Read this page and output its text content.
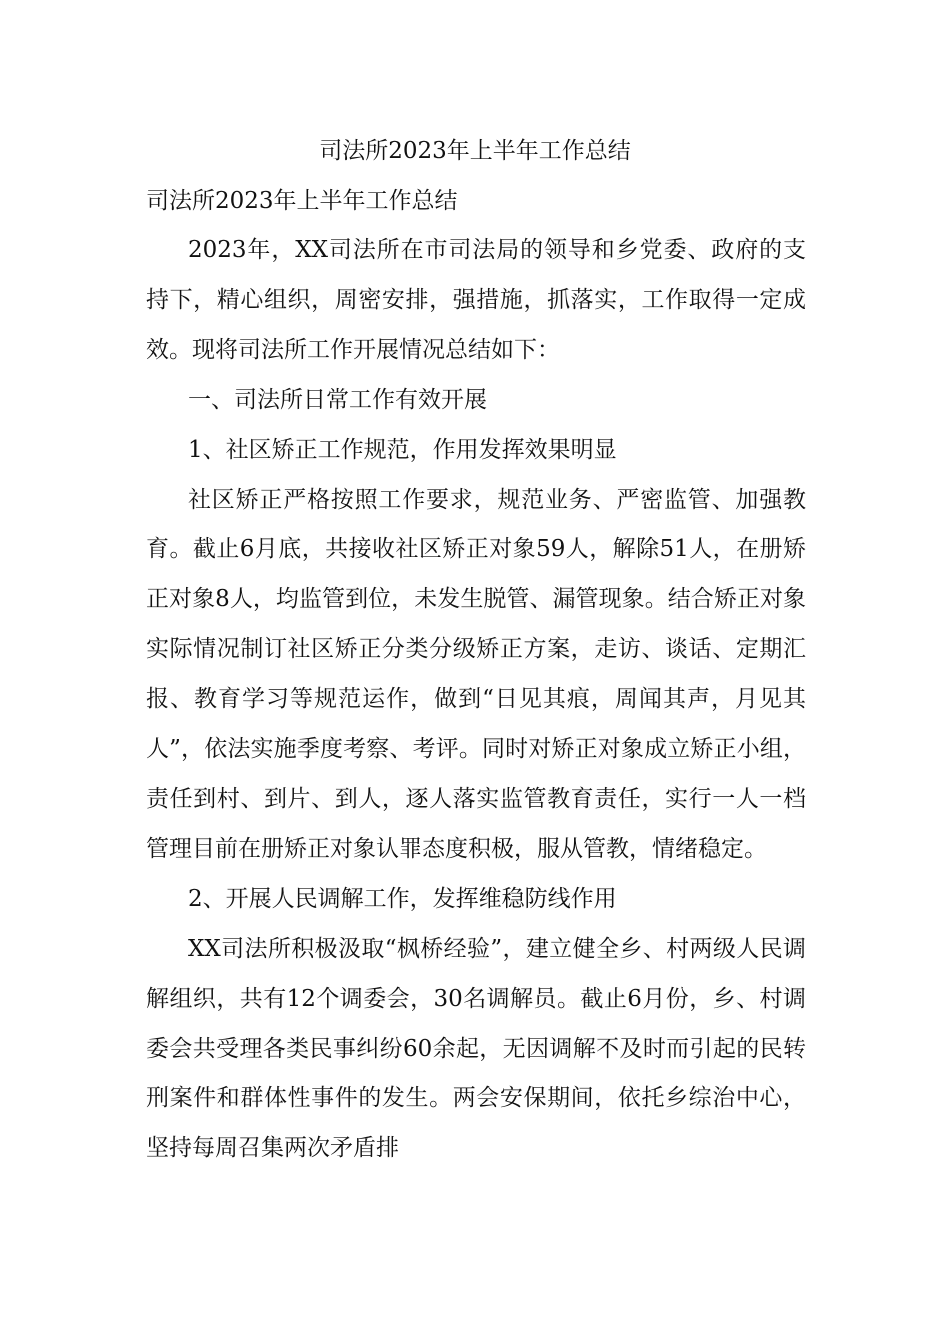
司法所2023年上半年工作总结
司法所2023年上半年工作总结

2023年，XX司法所在市司法局的领导和乡党委、政府的支持下，精心组织，周密安排，强措施，抓落实，工作取得一定成效。现将司法所工作开展情况总结如下：

一、司法所日常工作有效开展

1、社区矫正工作规范，作用发挥效果明显

社区矫正严格按照工作要求，规范业务、严密监管、加强教育。截止6月底，共接收社区矫正对象59人，解除51人，在册矫正对象8人，均监管到位，未发生脱管、漏管现象。结合矫正对象实际情况制订社区矫正分类分级矫正方案，走访、谈话、定期汇报、教育学习等规范运作，做到“日见其痕，周闻其声，月见其人”，依法实施季度考察、考评。同时对矫正对象成立矫正小组，责任到村、到片、到人，逐人落实监管教育责任，实行一人一档管理目前在册矫正对象认罪态度积极，服从管教，情绪稳定。

2、开展人民调解工作，发挥维稳防线作用

XX司法所积极汲取“枫桥经验”，建立健全乡、村两级人民调解组织，共有12个调委会，30名调解员。截止6月份，乡、村调委会共受理各类民事纠纷60余起，无因调解不及时而引起的民转刑案件和群体性事件的发生。两会安保期间，依托乡综治中心，坚持每周召集两次矛盾排
